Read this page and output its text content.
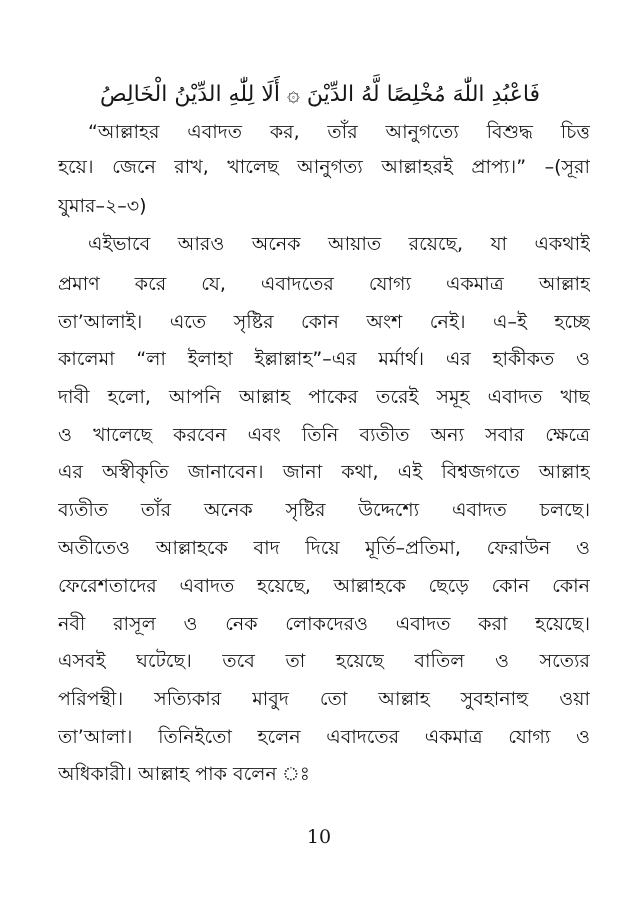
فَاعْبُدِ اللّٰهَ مُخْلِصًا لَّهُ الدِّيْنَ ۞ أَلَا لِلّٰهِ الدِّيْنُ الْخَالِصُ
“আল্লাহর এবাদত কর, তাঁর আনুগত্যে বিশুদ্ধ চিত্ত
হয়ে। জেনে রাখ, খালেছ আনুগত্য আল্লাহরই প্রাপ্য।” –(সূরা
যুমার–২–৩)
এইভাবে আরও অনেক আয়াত রয়েছে, যা একথাই
প্রমাণ করে যে, এবাদতের যোগ্য একমাত্র আল্লাহ
তা’আলাই। এতে সৃষ্টির কোন অংশ নেই। এ–ই হচ্ছে
কালেমা “লা ইলাহা ইল্লাল্লাহ”–এর মর্মার্থ। এর হাকীকত ও
দাবী হলো, আপনি আল্লাহ পাকের তরেই সমূহ এবাদত খাছ
ও খালেছে করবেন এবং তিনি ব্যতীত অন্য সবার ক্ষেত্রে
এর অস্বীকৃতি জানাবেন। জানা কথা, এই বিশ্বজগতে আল্লাহ
ব্যতীত তাঁর অনেক সৃষ্টির উদ্দেশ্যে এবাদত চলছে।
অতীতেও আল্লাহকে বাদ দিয়ে মূর্তি–প্রতিমা, ফেরাউন ও
ফেরেশতাদের এবাদত হয়েছে, আল্লাহকে ছেড়ে কোন কোন
নবী রাসূল ও নেক লোকদেরও এবাদত করা হয়েছে।
এসবই ঘটেছে। তবে তা হয়েছে বাতিল ও সত্যের
পরিপন্থী। সত্যিকার মাবুদ তো আল্লাহ সুবহানাহু ওয়া
তা’আলা। তিনিইতো হলেন এবাদতের একমাত্র যোগ্য ও
অধিকারী। আল্লাহ পাক বলেন ঃ
10
